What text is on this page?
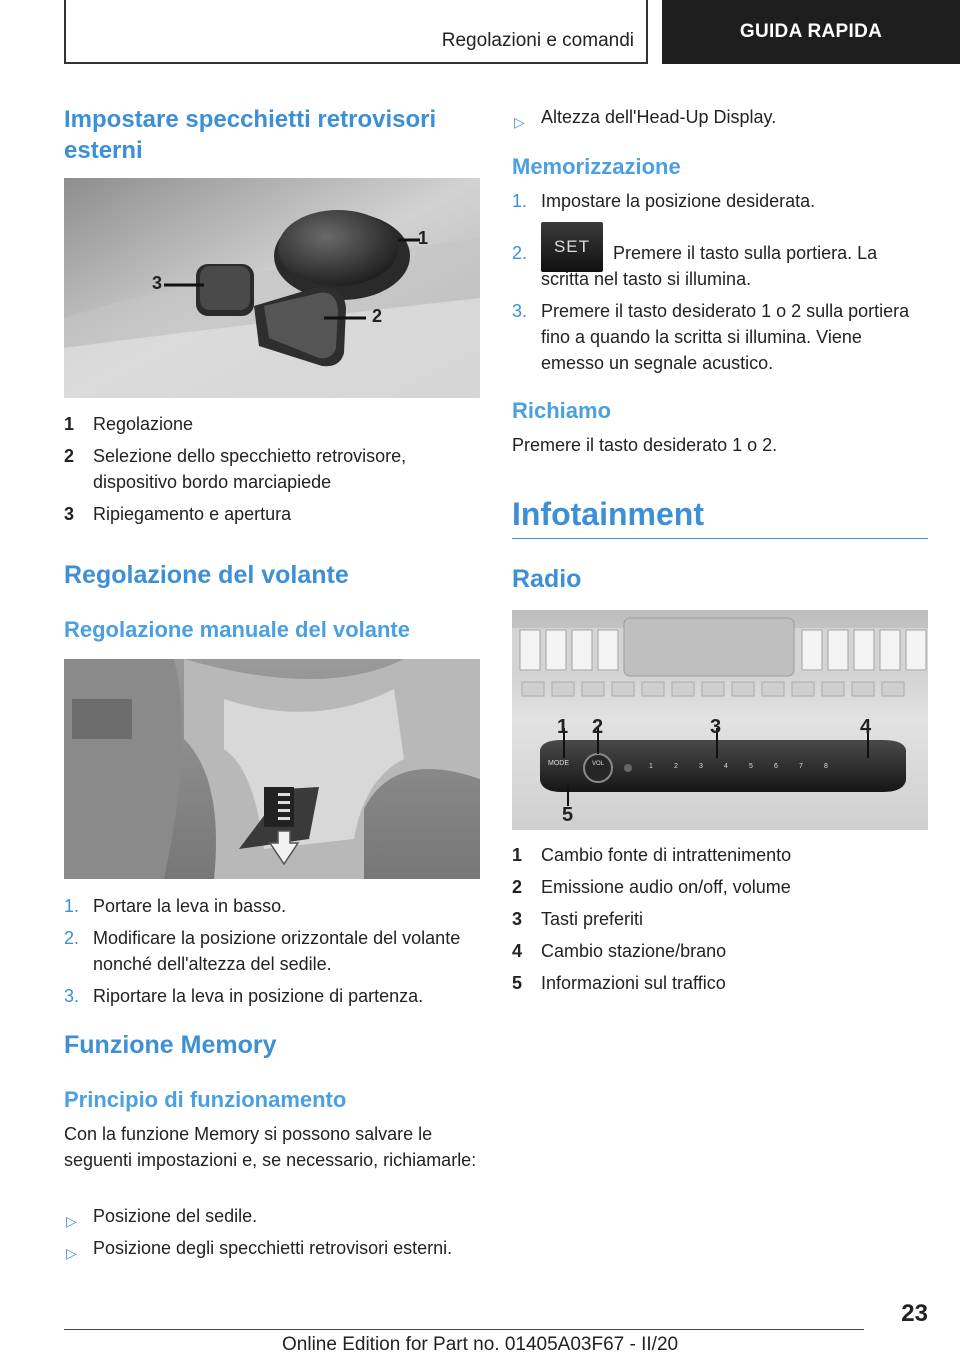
Regolazioni e comandi	GUIDA RAPIDA
Impostare specchietti retrovisori esterni
1
2
3
1 Regolazione
2 Selezione dello specchietto retrovisore, dispositivo bordo marciapiede
3 Ripiegamento e apertura
Regolazione del volante
Regolazione manuale del volante
1. Portare la leva in basso.
2. Modificare la posizione orizzontale del volante nonché dell'altezza del sedile.
3. Riportare la leva in posizione di partenza.
Funzione Memory
Principio di funzionamento
Con la funzione Memory si possono salvare le seguenti impostazioni e, se necessario, richiamarle:
▷ Posizione del sedile.
▷ Posizione degli specchietti retrovisori esterni.
▷ Altezza dell'Head-Up Display.
Memorizzazione
1. Impostare la posizione desiderata.
2.	SET	Premere il tasto sulla portiera. La scritta nel tasto si illumina.
3. Premere il tasto desiderato 1 o 2 sulla portiera fino a quando la scritta si illumina. Viene emesso un segnale acustico.
Richiamo
Premere il tasto desiderato 1 o 2.
Infotainment
Radio
MODE	VOL	1	2	3	4	5	6	7	8
1 2	3	4
5
1 Cambio fonte di intrattenimento
2 Emissione audio on/off, volume
3 Tasti preferiti
4 Cambio stazione/brano
5 Informazioni sul traffico
23
Online Edition for Part no. 01405A03F67 - II/20
